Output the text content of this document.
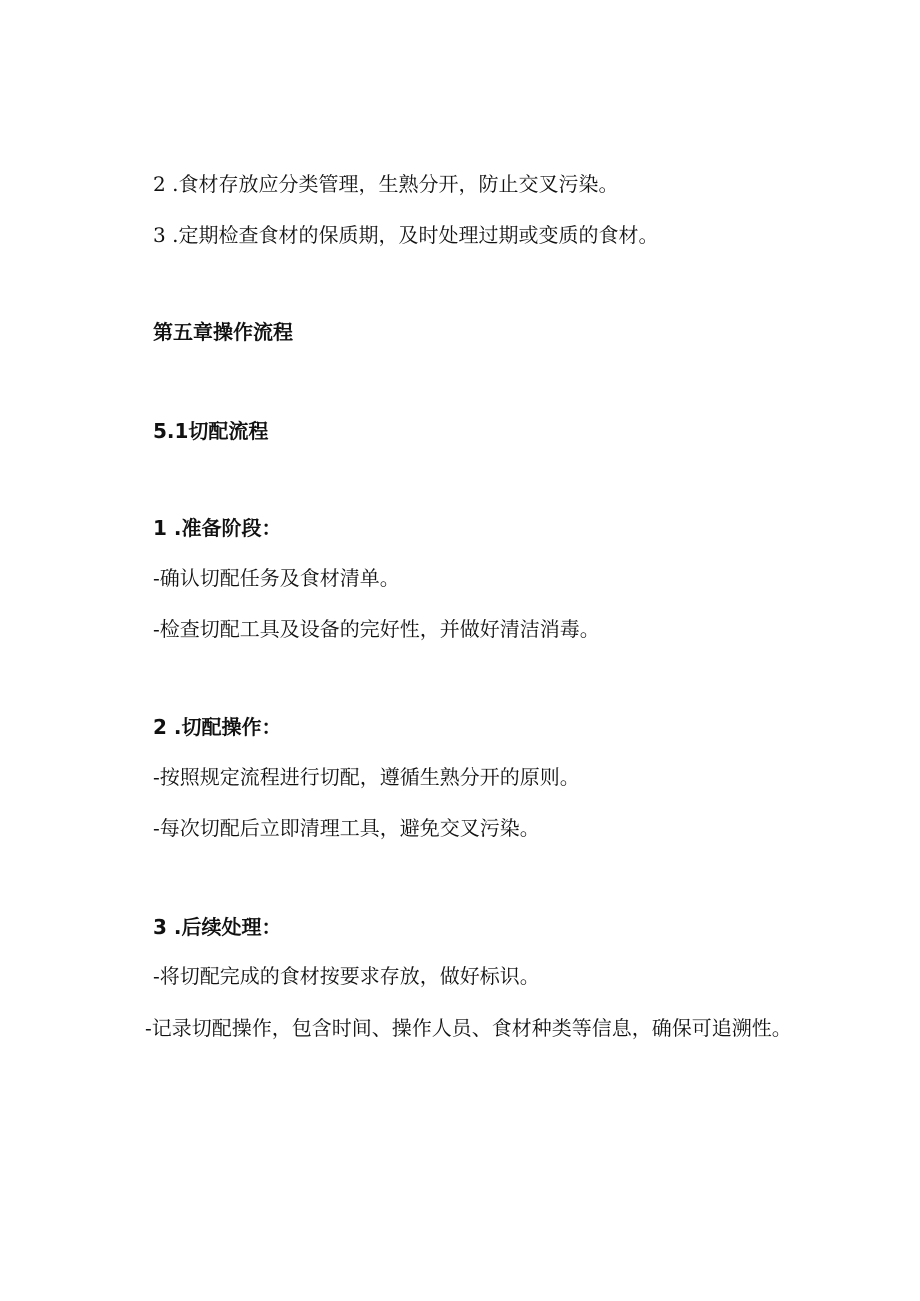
2 .食材存放应分类管理，生熟分开，防止交叉污染。
3 .定期检查食材的保质期，及时处理过期或变质的食材。
第五章操作流程
5.1切配流程
1 .准备阶段：
-确认切配任务及食材清单。
-检查切配工具及设备的完好性，并做好清洁消毒。
2 .切配操作：
-按照规定流程进行切配，遵循生熟分开的原则。
-每次切配后立即清理工具，避免交叉污染。
3 .后续处理：
-将切配完成的食材按要求存放，做好标识。
-记录切配操作，包含时间、操作人员、食材种类等信息，确保可追溯性。
